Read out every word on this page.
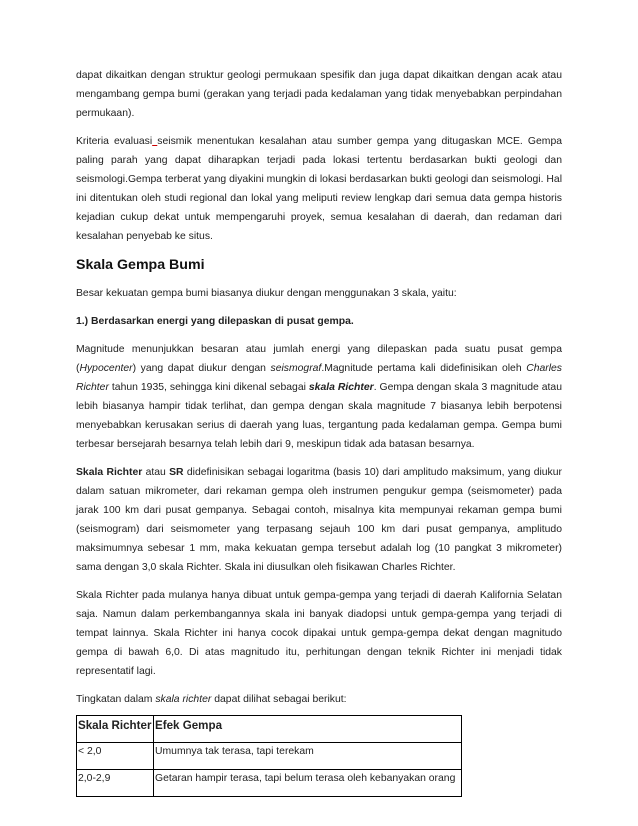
dapat dikaitkan dengan struktur geologi permukaan spesifik dan juga dapat dikaitkan dengan acak atau mengambang gempa bumi (gerakan yang terjadi pada kedalaman yang tidak menyebabkan perpindahan permukaan).

Kriteria evaluasi seismik menentukan kesalahan atau sumber gempa yang ditugaskan MCE. Gempa paling parah yang dapat diharapkan terjadi pada lokasi tertentu berdasarkan bukti geologi dan seismologi.Gempa terberat yang diyakini mungkin di lokasi berdasarkan bukti geologi dan seismologi. Hal ini ditentukan oleh studi regional dan lokal yang meliputi review lengkap dari semua data gempa historis kejadian cukup dekat untuk mempengaruhi proyek, semua kesalahan di daerah, dan redaman dari kesalahan penyebab ke situs.

Skala Gempa Bumi

Besar kekuatan gempa bumi biasanya diukur dengan menggunakan 3 skala, yaitu:

1.) Berdasarkan energi yang dilepaskan di pusat gempa.

Magnitude menunjukkan besaran atau jumlah energi yang dilepaskan pada suatu pusat gempa (Hypocenter) yang dapat diukur dengan seismograf.Magnitude pertama kali didefinisikan oleh Charles Richter tahun 1935, sehingga kini dikenal sebagai skala Richter. Gempa dengan skala 3 magnitude atau lebih biasanya hampir tidak terlihat, dan gempa dengan skala magnitude 7 biasanya lebih berpotensi menyebabkan kerusakan serius di daerah yang luas, tergantung pada kedalaman gempa. Gempa bumi terbesar bersejarah besarnya telah lebih dari 9, meskipun tidak ada batasan besarnya.

Skala Richter atau SR didefinisikan sebagai logaritma (basis 10) dari amplitudo maksimum, yang diukur dalam satuan mikrometer, dari rekaman gempa oleh instrumen pengukur gempa (seismometer) pada jarak 100 km dari pusat gempanya. Sebagai contoh, misalnya kita mempunyai rekaman gempa bumi (seismogram) dari seismometer yang terpasang sejauh 100 km dari pusat gempanya, amplitudo maksimumnya sebesar 1 mm, maka kekuatan gempa tersebut adalah log (10 pangkat 3 mikrometer) sama dengan 3,0 skala Richter. Skala ini diusulkan oleh fisikawan Charles Richter.

Skala Richter pada mulanya hanya dibuat untuk gempa-gempa yang terjadi di daerah Kalifornia Selatan saja. Namun dalam perkembangannya skala ini banyak diadopsi untuk gempa-gempa yang terjadi di tempat lainnya. Skala Richter ini hanya cocok dipakai untuk gempa-gempa dekat dengan magnitudo gempa di bawah 6,0. Di atas magnitudo itu, perhitungan dengan teknik Richter ini menjadi tidak representatif lagi.

Tingkatan dalam skala richter dapat dilihat sebagai berikut:

Skala Richter	Efek Gempa
< 2,0	Umumnya tak terasa, tapi terekam
2,0-2,9	Getaran hampir terasa, tapi belum terasa oleh kebanyakan orang
